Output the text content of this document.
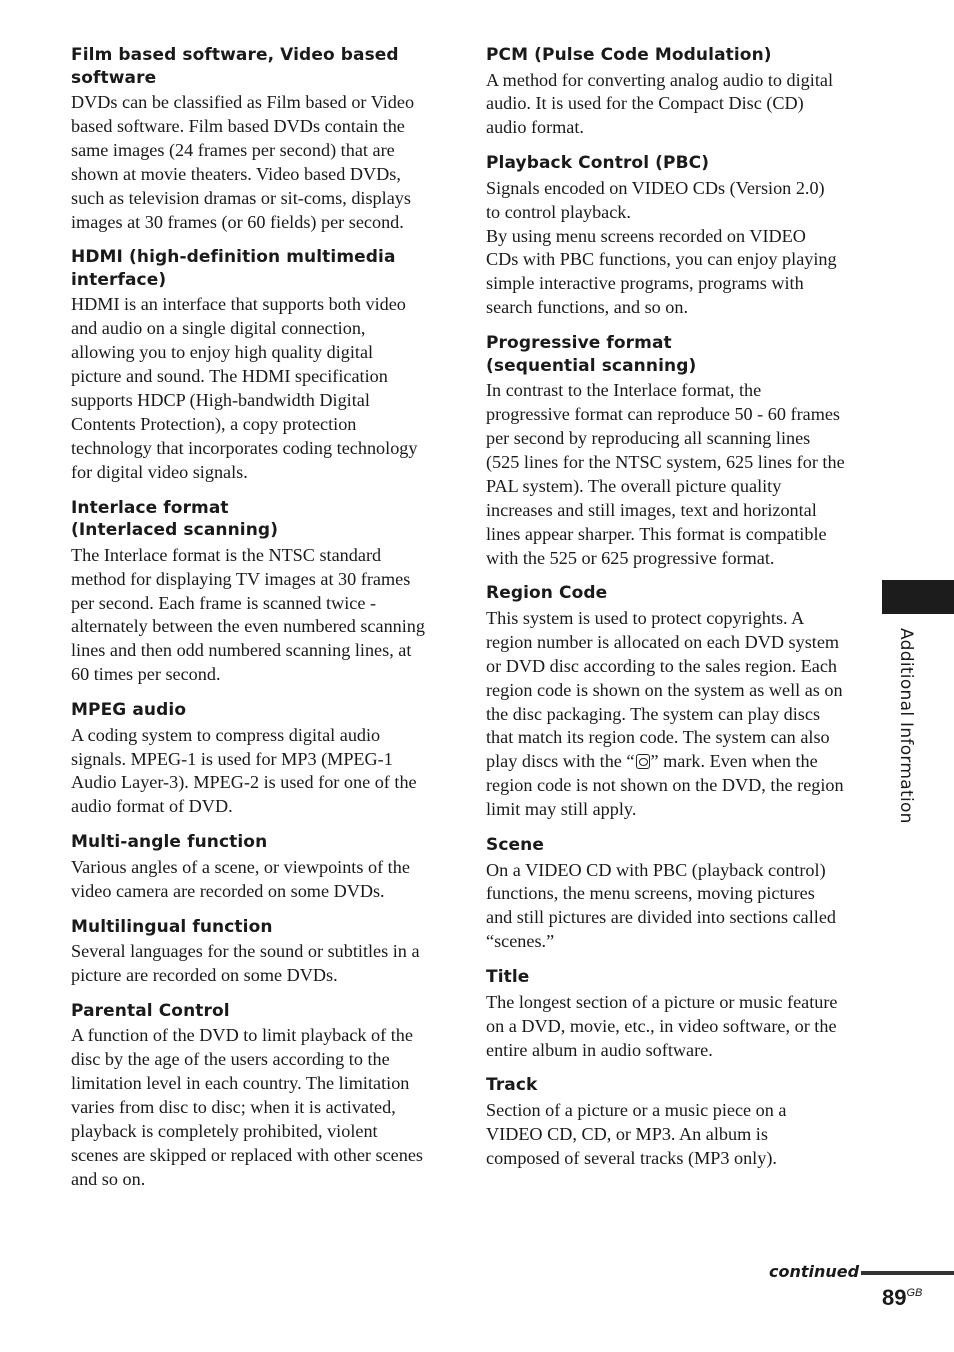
Film based software, Video based
software

DVDs can be classified as Film based or Video
based software. Film based DVDs contain the
same images (24 frames per second) that are
shown at movie theaters. Video based DVDs,
such as television dramas or sit-coms, displays
images at 30 frames (or 60 fields) per second.

HDMI (high-definition multimedia
interface)

HDMI is an interface that supports both video
and audio on a single digital connection,
allowing you to enjoy high quality digital
picture and sound. The HDMI specification
supports HDCP (High-bandwidth Digital
Contents Protection), a copy protection
technology that incorporates coding technology
for digital video signals.

Interlace format
(Interlaced scanning)

The Interlace format is the NTSC standard
method for displaying TV images at 30 frames
per second. Each frame is scanned twice -
alternately between the even numbered scanning
lines and then odd numbered scanning lines, at
60 times per second.

MPEG audio

A coding system to compress digital audio
signals. MPEG-1 is used for MP3 (MPEG-1
Audio Layer-3). MPEG-2 is used for one of the
audio format of DVD.

Multi-angle function

Various angles of a scene, or viewpoints of the
video camera are recorded on some DVDs.

Multilingual function

Several languages for the sound or subtitles in a
picture are recorded on some DVDs.

Parental Control

A function of the DVD to limit playback of the
disc by the age of the users according to the
limitation level in each country. The limitation
varies from disc to disc; when it is activated,
playback is completely prohibited, violent
scenes are skipped or replaced with other scenes
and so on.

PCM (Pulse Code Modulation)

A method for converting analog audio to digital
audio. It is used for the Compact Disc (CD)
audio format.

Playback Control (PBC)

Signals encoded on VIDEO CDs (Version 2.0)
to control playback.
By using menu screens recorded on VIDEO
CDs with PBC functions, you can enjoy playing
simple interactive programs, programs with
search functions, and so on.

Progressive format
(sequential scanning)

In contrast to the Interlace format, the
progressive format can reproduce 50 - 60 frames
per second by reproducing all scanning lines
(525 lines for the NTSC system, 625 lines for the
PAL system). The overall picture quality
increases and still images, text and horizontal
lines appear sharper. This format is compatible
with the 525 or 625 progressive format.

Region Code

This system is used to protect copyrights. A
region number is allocated on each DVD system
or DVD disc according to the sales region. Each
region code is shown on the system as well as on
the disc packaging. The system can play discs
that match its region code. The system can also
play discs with the “ ” mark. Even when the
region code is not shown on the DVD, the region
limit may still apply.

Scene

On a VIDEO CD with PBC (playback control)
functions, the menu screens, moving pictures
and still pictures are divided into sections called
“scenes.”

Title

The longest section of a picture or music feature
on a DVD, movie, etc., in video software, or the
entire album in audio software.

Track

Section of a picture or a music piece on a
VIDEO CD, CD, or MP3. An album is
composed of several tracks (MP3 only).

Additional Information
continued
$89^{GB}$
